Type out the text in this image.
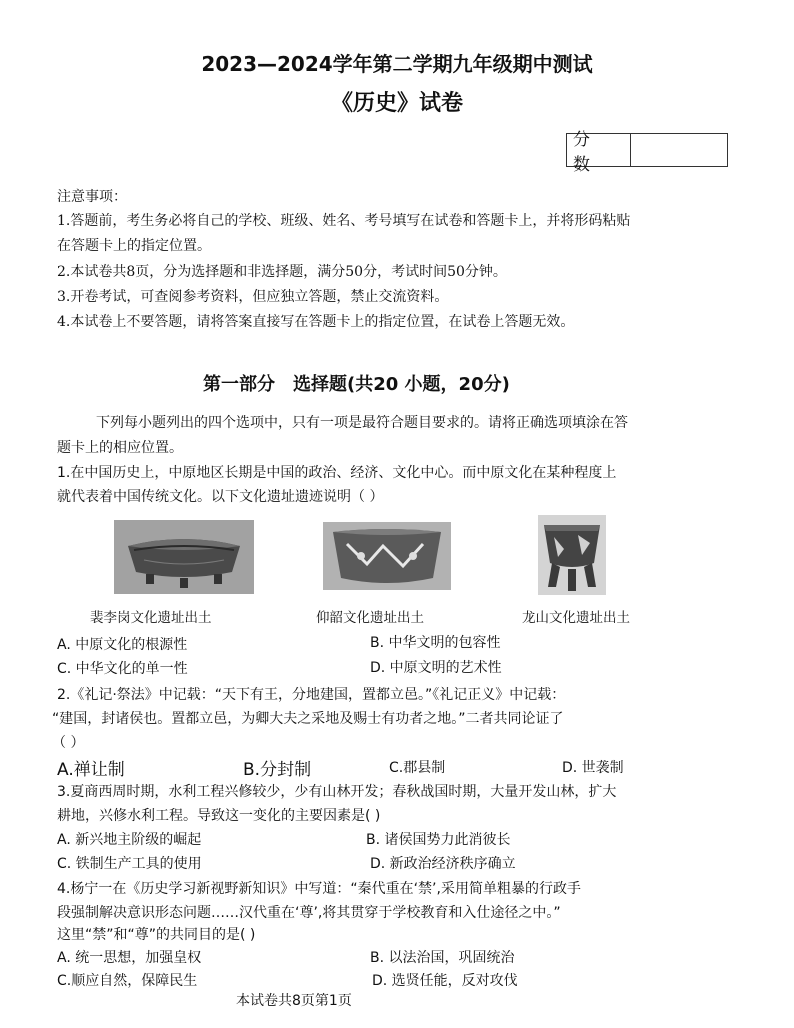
2023—2024学年第二学期九年级期中测试
《历史》试卷
分 数
注意事项：
1.答题前，考生务必将自己的学校、班级、姓名、考号填写在试卷和答题卡上，并将形码粘贴
在答题卡上的指定位置。
2.本试卷共8页，分为选择题和非选择题，满分50分，考试时间50分钟。
3.开卷考试，可查阅参考资料，但应独立答题，禁止交流资料。
4.本试卷上不要答题，请将答案直接写在答题卡上的指定位置，在试卷上答题无效。
第一部分　选择题(共20 小题，20分)
下列每小题列出的四个选项中，只有一项是最符合题目要求的。请将正确选项填涂在答
题卡上的相应位置。
1.在中国历史上，中原地区长期是中国的政治、经济、文化中心。而中原文化在某种程度上
就代表着中国传统文化。以下文化遗址遗迹说明（ ）
裴李岗文化遗址出土	仰韶文化遗址出土	龙山文化遗址出土
A. 中原文化的根源性	B. 中华文明的包容性
C. 中华文化的单一性	D. 中原文明的艺术性
2.《礼记·祭法》中记载：“天下有王，分地建国，置都立邑。”《礼记正义》中记载：
“建国，封诸侯也。置都立邑，为卿大夫之采地及赐士有功者之地。”二者共同论证了
（ ）
A.禅让制	B.分封制	C.郡县制	D. 世袭制
3.夏商西周时期，水利工程兴修较少，少有山林开发；春秋战国时期，大量开发山林，扩大
耕地，兴修水利工程。导致这一变化的主要因素是( )
A. 新兴地主阶级的崛起	B. 诸侯国势力此消彼长
C. 铁制生产工具的使用	D. 新政治经济秩序确立
4.杨宁一在《历史学习新视野新知识》中写道：“秦代重在‘禁’,采用简单粗暴的行政手
段强制解决意识形态问题……汉代重在‘尊’,将其贯穿于学校教育和入仕途径之中。”
这里“禁”和“尊”的共同目的是( )
A. 统一思想，加强皇权	B. 以法治国，巩固统治
C.顺应自然，保障民生	D. 选贤任能，反对攻伐
本试卷共8页第1页
